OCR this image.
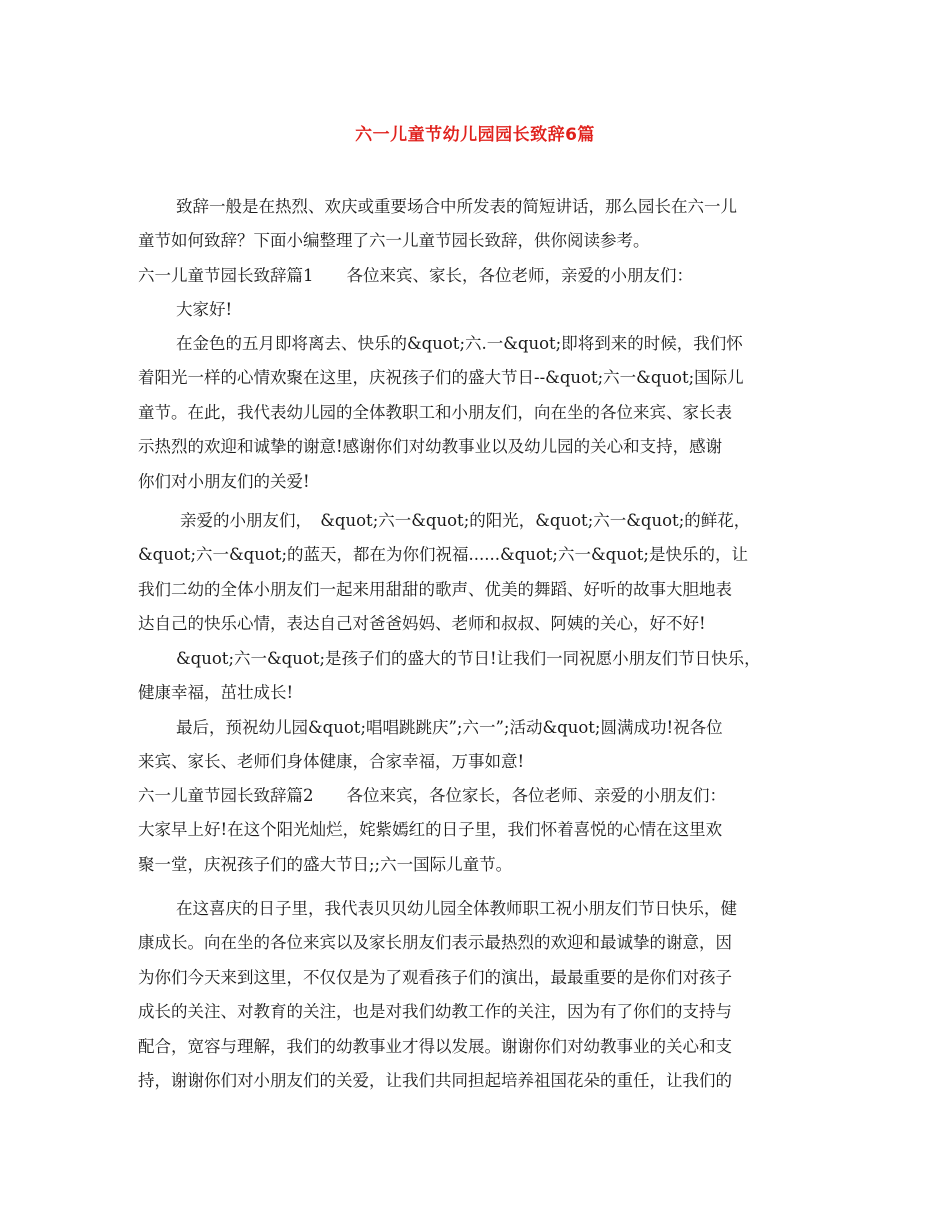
六一儿童节幼儿园园长致辞6篇
致辞一般是在热烈、欢庆或重要场合中所发表的简短讲话，那么园长在六一儿
童节如何致辞？下面小编整理了六一儿童节园长致辞，供你阅读参考。
六一儿童节园长致辞篇1　　各位来宾、家长，各位老师，亲爱的小朋友们：
大家好!
在金色的五月即将离去、快乐的&quot;六.一&quot;即将到来的时候，我们怀
着阳光一样的心情欢聚在这里，庆祝孩子们的盛大节日--&quot;六一&quot;国际儿
童节。在此，我代表幼儿园的全体教职工和小朋友们，向在坐的各位来宾、家长表
示热烈的欢迎和诚挚的谢意!感谢你们对幼教事业以及幼儿园的关心和支持，感谢
你们对小朋友们的关爱!
亲爱的小朋友们，　&quot;六一&quot;的阳光，&quot;六一&quot;的鲜花，
&quot;六一&quot;的蓝天，都在为你们祝福......&quot;六一&quot;是快乐的，让
我们二幼的全体小朋友们一起来用甜甜的歌声、优美的舞蹈、好听的故事大胆地表
达自己的快乐心情，表达自己对爸爸妈妈、老师和叔叔、阿姨的关心，好不好!
&quot;六一&quot;是孩子们的盛大的节日!让我们一同祝愿小朋友们节日快乐，
健康幸福，茁壮成长!
最后，预祝幼儿园&quot;唱唱跳跳庆”;六一”;活动&quot;圆满成功!祝各位
来宾、家长、老师们身体健康，合家幸福，万事如意!
六一儿童节园长致辞篇2　　各位来宾，各位家长，各位老师、亲爱的小朋友们：
大家早上好!在这个阳光灿烂，姹紫嫣红的日子里，我们怀着喜悦的心情在这里欢
聚一堂，庆祝孩子们的盛大节日;;六一国际儿童节。
在这喜庆的日子里，我代表贝贝幼儿园全体教师职工祝小朋友们节日快乐，健
康成长。向在坐的各位来宾以及家长朋友们表示最热烈的欢迎和最诚挚的谢意，因
为你们今天来到这里，不仅仅是为了观看孩子们的演出，最最重要的是你们对孩子
成长的关注、对教育的关注，也是对我们幼教工作的关注，因为有了你们的支持与
配合，宽容与理解，我们的幼教事业才得以发展。谢谢你们对幼教事业的关心和支
持，谢谢你们对小朋友们的关爱，让我们共同担起培养祖国花朵的重任，让我们的
